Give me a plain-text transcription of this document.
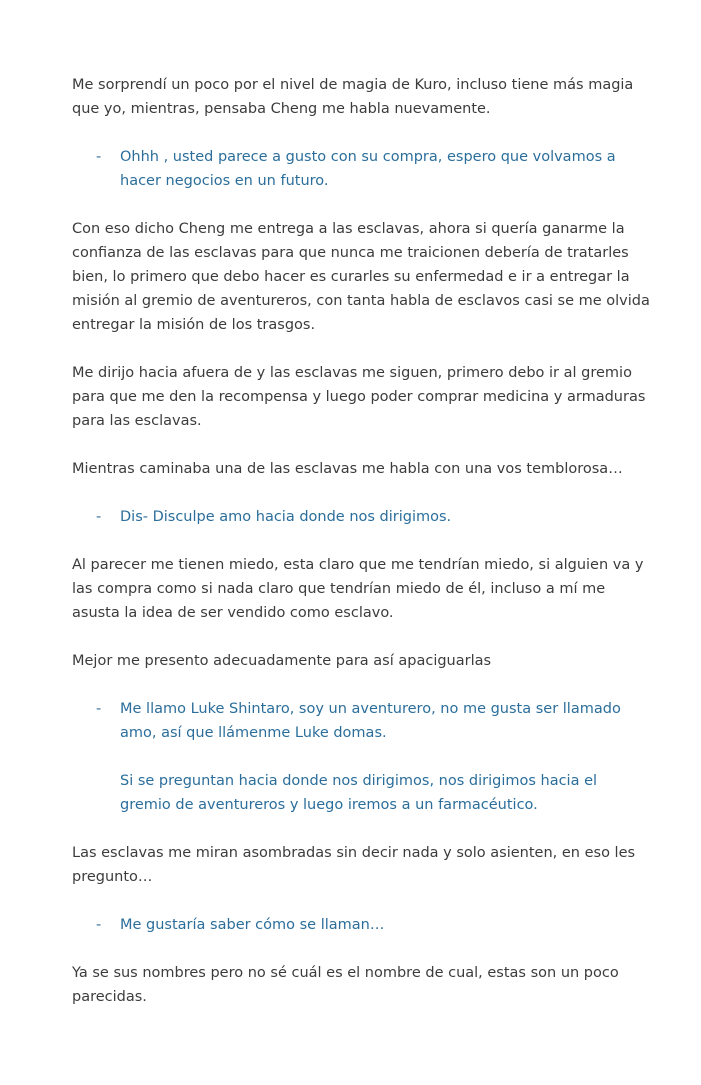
Me sorprendí un poco por el nivel de magia de Kuro, incluso tiene más magia
que yo, mientras, pensaba Cheng me habla nuevamente.
- Ohhh , usted parece a gusto con su compra, espero que volvamos a
hacer negocios en un futuro.
Con eso dicho Cheng me entrega a las esclavas, ahora si quería ganarme la
confianza de las esclavas para que nunca me traicionen debería de tratarles
bien, lo primero que debo hacer es curarles su enfermedad e ir a entregar la
misión al gremio de aventureros, con tanta habla de esclavos casi se me olvida
entregar la misión de los trasgos.
Me dirijo hacia afuera de y las esclavas me siguen, primero debo ir al gremio
para que me den la recompensa y luego poder comprar medicina y armaduras
para las esclavas.
Mientras caminaba una de las esclavas me habla con una vos temblorosa…
- Dis- Disculpe amo hacia donde nos dirigimos.
Al parecer me tienen miedo, esta claro que me tendrían miedo, si alguien va y
las compra como si nada claro que tendrían miedo de él, incluso a mí me
asusta la idea de ser vendido como esclavo.
Mejor me presento adecuadamente para así apaciguarlas
- Me llamo Luke Shintaro, soy un aventurero, no me gusta ser llamado
amo, así que llámenme Luke domas.
Si se preguntan hacia donde nos dirigimos, nos dirigimos hacia el
gremio de aventureros y luego iremos a un farmacéutico.
Las esclavas me miran asombradas sin decir nada y solo asienten, en eso les
pregunto…
- Me gustaría saber cómo se llaman…
Ya se sus nombres pero no sé cuál es el nombre de cual, estas son un poco
parecidas.
